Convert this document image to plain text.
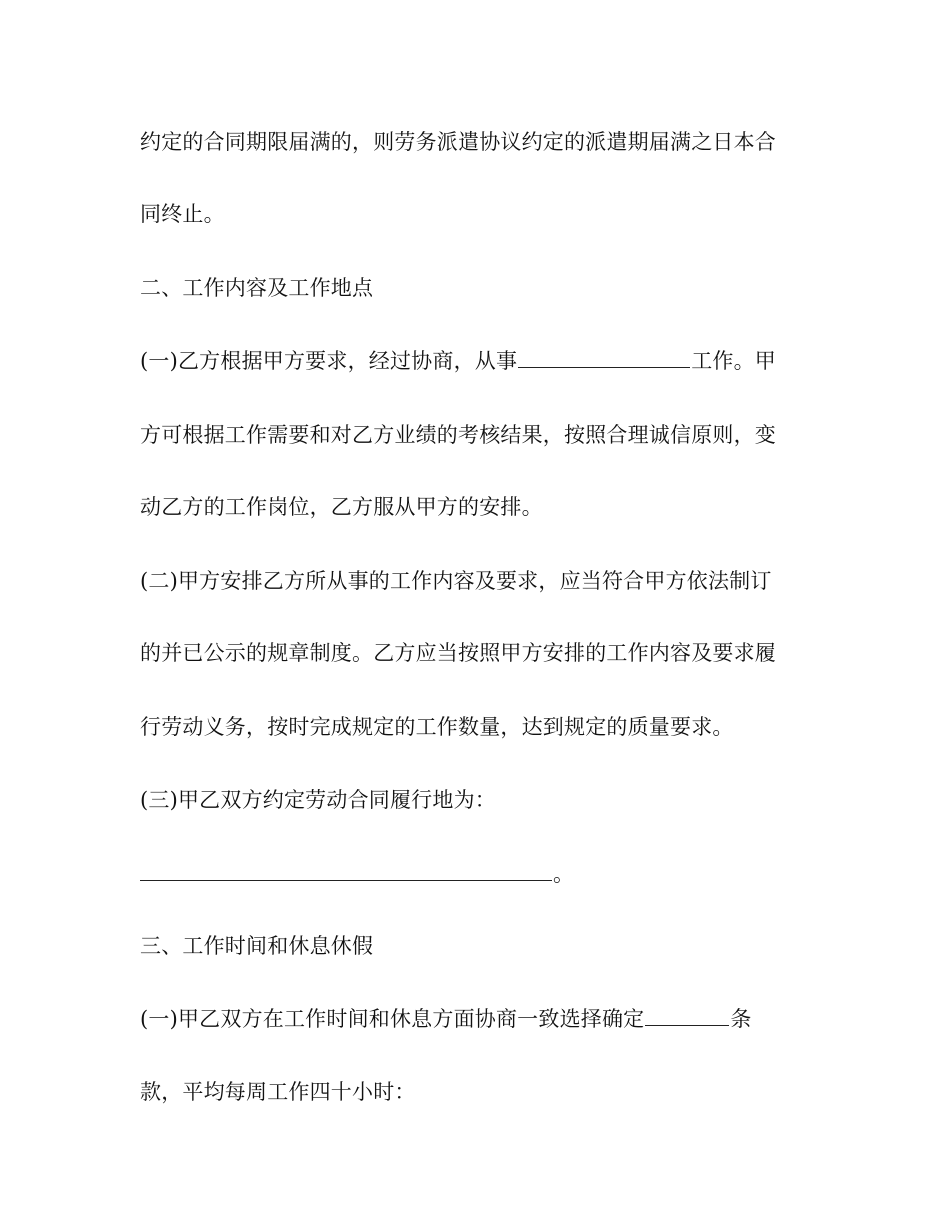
约定的合同期限届满的，则劳务派遣协议约定的派遣期届满之日本合
同终止。
二、工作内容及工作地点
(一)乙方根据甲方要求，经过协商，从事	工作。甲
方可根据工作需要和对乙方业绩的考核结果，按照合理诚信原则，变
动乙方的工作岗位，乙方服从甲方的安排。
(二)甲方安排乙方所从事的工作内容及要求，应当符合甲方依法制订
的并已公示的规章制度。乙方应当按照甲方安排的工作内容及要求履
行劳动义务，按时完成规定的工作数量，达到规定的质量要求。
(三)甲乙双方约定劳动合同履行地为：
。
三、工作时间和休息休假
(一)甲乙双方在工作时间和休息方面协商一致选择确定	条
款，平均每周工作四十小时：
